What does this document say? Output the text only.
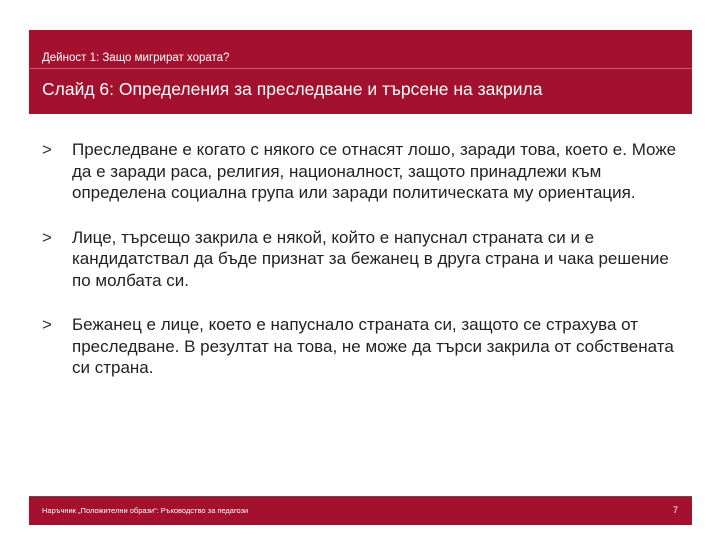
Дейност 1: Защо мигрират хората?
Слайд 6: Определения за преследване и търсене на закрила
> Преследване е когато с някого се отнасят лошо, заради това, което е. Може да е заради раса, религия, националност, защото принадлежи към определена социална група или заради политическата му ориентация.
> Лице, търсещо закрила е някой, който е напуснал страната си и е кандидатствал да бъде признат за бежанец в друга страна и чака решение по молбата си.
> Бежанец е лице, което е напуснало страната си, защото се страхува от преследване. В резултат на това, не може да търси закрила от собствената си страна.
Наръчник „Положителни образи“: Ръководство за педагози	7
